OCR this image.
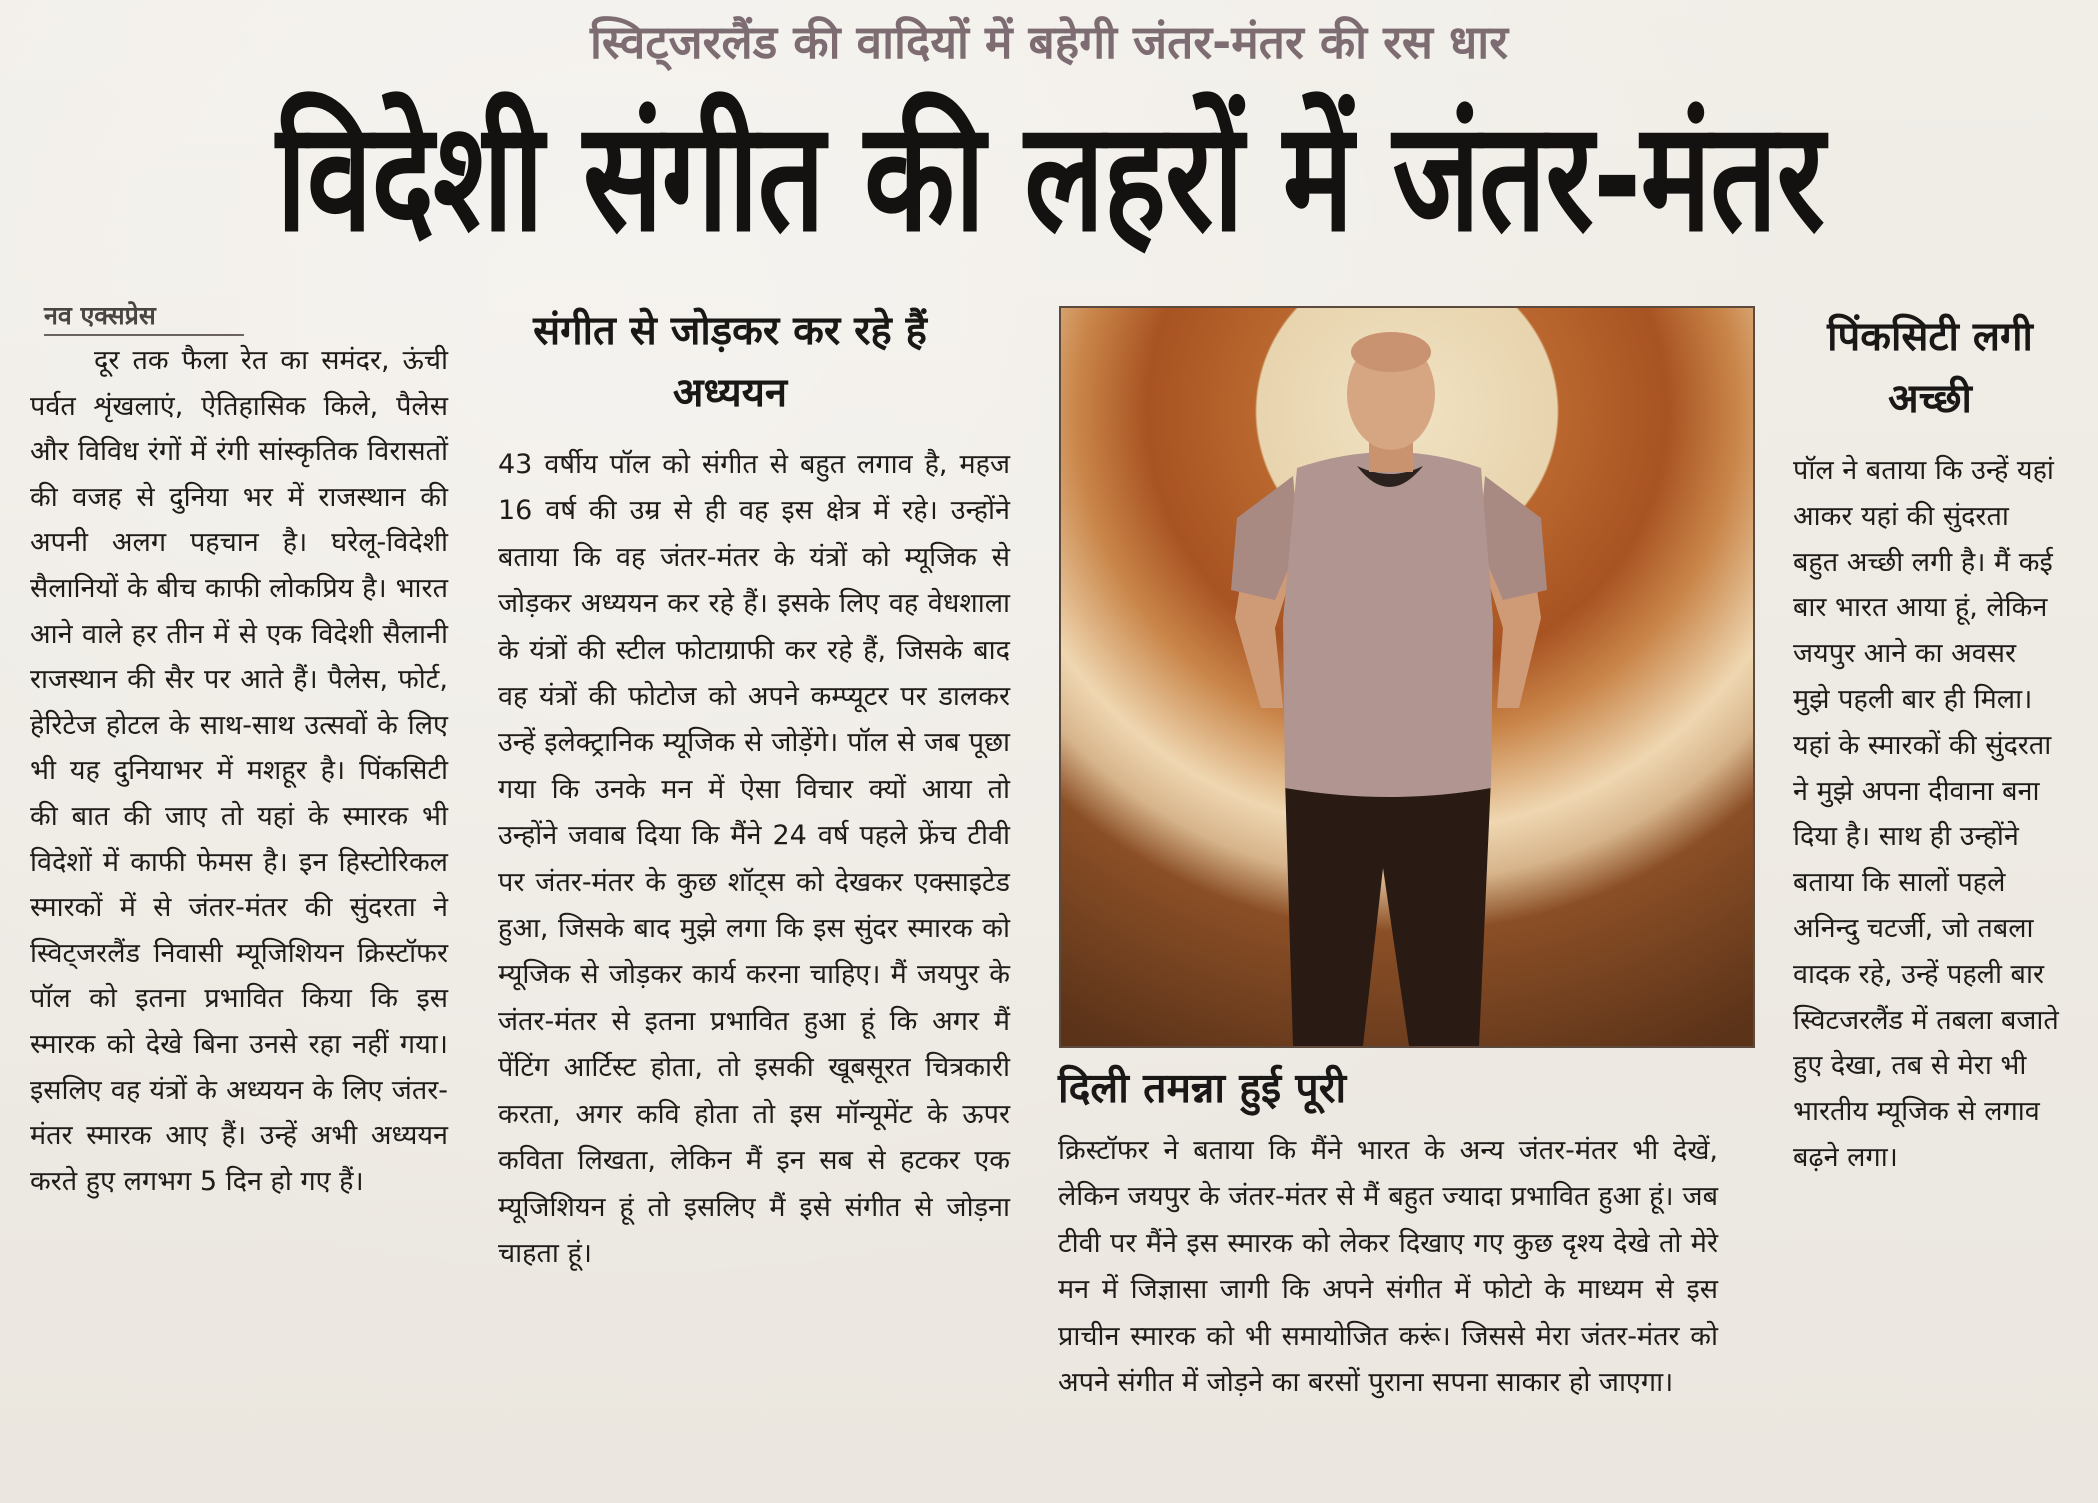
स्विट्जरलैंड की वादियों में बहेगी जंतर-मंतर की रस धार
विदेशी संगीत की लहरों में जंतर-मंतर
नव एक्सप्रेस

दूर तक फैला रेत का समंदर, ऊंची पर्वत शृंखलाएं, ऐतिहासिक किले, पैलेस और विविध रंगों में रंगी सांस्कृतिक विरासतों की वजह से दुनिया भर में राजस्थान की अपनी अलग पहचान है। घरेलू-विदेशी सैलानियों के बीच काफी लोकप्रिय है। भारत आने वाले हर तीन में से एक विदेशी सैलानी राजस्थान की सैर पर आते हैं। पैलेस, फोर्ट, हेरिटेज होटल के साथ-साथ उत्सवों के लिए भी यह दुनियाभर में मशहूर है। पिंकसिटी की बात की जाए तो यहां के स्मारक भी विदेशों में काफी फेमस है। इन हिस्टोरिकल स्मारकों में से जंतर-मंतर की सुंदरता ने स्विट्जरलैंड निवासी म्यूजिशियन क्रिस्टॉफर पॉल को इतना प्रभावित किया कि इस स्मारक को देखे बिना उनसे रहा नहीं गया। इसलिए वह यंत्रों के अध्ययन के लिए जंतर-मंतर स्मारक आए हैं। उन्हें अभी अध्ययन करते हुए लगभग 5 दिन हो गए हैं।

संगीत से जोड़कर कर रहे हैं अध्ययन

43 वर्षीय पॉल को संगीत से बहुत लगाव है, महज 16 वर्ष की उम्र से ही वह इस क्षेत्र में रहे। उन्होंने बताया कि वह जंतर-मंतर के यंत्रों को म्यूजिक से जोड़कर अध्ययन कर रहे हैं। इसके लिए वह वेधशाला के यंत्रों की स्टील फोटाग्राफी कर रहे हैं, जिसके बाद वह यंत्रों की फोटोज को अपने कम्प्यूटर पर डालकर उन्हें इलेक्ट्रानिक म्यूजिक से जोड़ेंगे। पॉल से जब पूछा गया कि उनके मन में ऐसा विचार क्यों आया तो उन्होंने जवाब दिया कि मैंने 24 वर्ष पहले फ्रेंच टीवी पर जंतर-मंतर के कुछ शॉट्स को देखकर एक्साइटेड हुआ, जिसके बाद मुझे लगा कि इस सुंदर स्मारक को म्यूजिक से जोड़कर कार्य करना चाहिए। मैं जयपुर के जंतर-मंतर से इतना प्रभावित हुआ हूं कि अगर मैं पेंटिंग आर्टिस्ट होता, तो इसकी खूबसूरत चित्रकारी करता, अगर कवि होता तो इस मॉन्यूमेंट के ऊपर कविता लिखता, लेकिन मैं इन सब से हटकर एक म्यूजिशियन हूं तो इसलिए मैं इसे संगीत से जोड़ना चाहता हूं।

दिली तमन्ना हुई पूरी

क्रिस्टॉफर ने बताया कि मैंने भारत के अन्य जंतर-मंतर भी देखें, लेकिन जयपुर के जंतर-मंतर से मैं बहुत ज्यादा प्रभावित हुआ हूं। जब टीवी पर मैंने इस स्मारक को लेकर दिखाए गए कुछ दृश्य देखे तो मेरे मन में जिज्ञासा जागी कि अपने संगीत में फोटो के माध्यम से इस प्राचीन स्मारक को भी समायोजित करूं। जिससे मेरा जंतर-मंतर को अपने संगीत में जोड़ने का बरसों पुराना सपना साकार हो जाएगा।

पिंकसिटी लगी अच्छी

पॉल ने बताया कि उन्हें यहां आकर यहां की सुंदरता बहुत अच्छी लगी है। मैं कई बार भारत आया हूं, लेकिन जयपुर आने का अवसर मुझे पहली बार ही मिला। यहां के स्मारकों की सुंदरता ने मुझे अपना दीवाना बना दिया है। साथ ही उन्होंने बताया कि सालों पहले अनिन्दु चटर्जी, जो तबला वादक रहे, उन्हें पहली बार स्विटजरलैंड में तबला बजाते हुए देखा, तब से मेरा भी भारतीय म्यूजिक से लगाव बढ़ने लगा।
